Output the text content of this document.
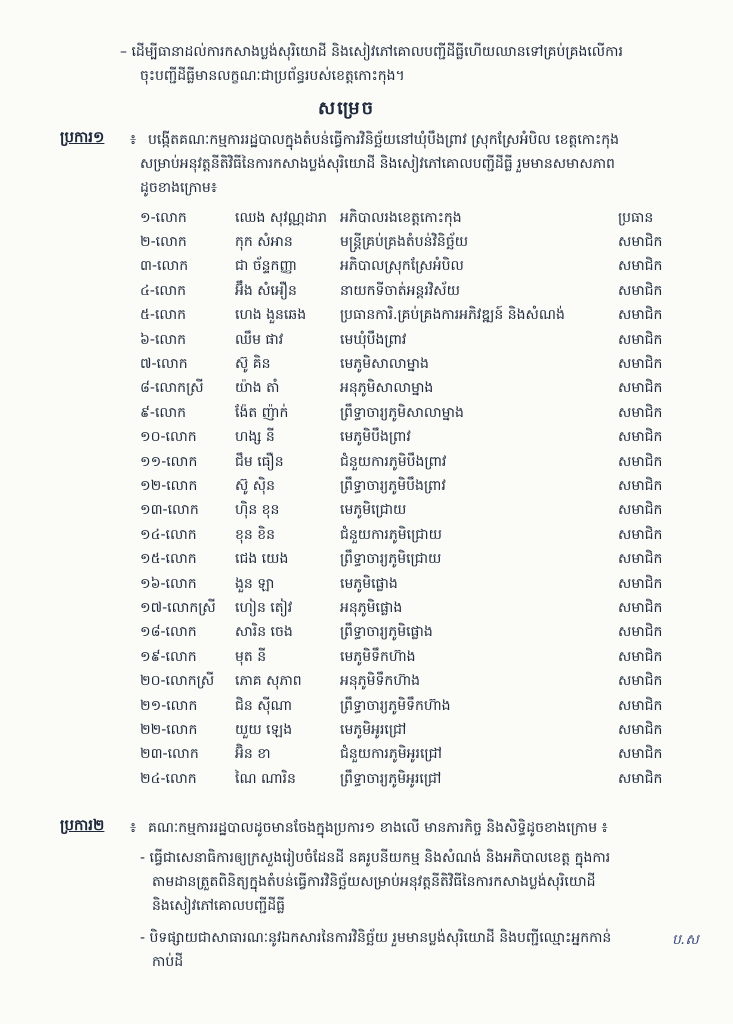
– ដើម្បីធានាដល់ការកសាងប្លង់សុរិយោដី និងសៀវភៅគោលបញ្ជីដីធ្លីហើយឈានទៅគ្រប់គ្រងលើការ
ចុះបញ្ជីដីធ្លីមានលក្ខណៈជាប្រព័ន្ធរបស់ខេត្តកោះកុង។
សម្រេច
ប្រការ១ ៖ បង្កើតគណៈកម្មការរដ្ឋបាលក្នុងតំបន់ធ្វើការវិនិច្ឆ័យនៅឃុំបឹងព្រាវ ស្រុកស្រែអំបិល ខេត្តកោះកុង
សម្រាប់អនុវត្តនីតិវិធីនៃការកសាងប្លង់សុរិយោដី និងសៀវភៅគោលបញ្ជីដីធ្លី រួមមានសមាសភាព
ដូចខាងក្រោម៖
១-លោក	ឈេង សុវណ្ណដារា	អភិបាលរងខេត្តកោះកុង	ប្រធាន
២-លោក	កុក សំអាន	មន្ត្រីគ្រប់គ្រងតំបន់វិនិច្ឆ័យ	សមាជិក
៣-លោក	ជា ច័ន្ទកញ្ញា	អភិបាលស្រុកស្រែអំបិល	សមាជិក
៤-លោក	អ៊ឹង សំអឿន	នាយកទីចាត់អន្តរវិស័យ	សមាជិក
៥-លោក	ហេង ងួនឆេង	ប្រធានការិ.គ្រប់គ្រងការអភិវឌ្ឍន៍ និងសំណង់	សមាជិក
៦-លោក	ឈឹម ផាវ	មេឃុំបឹងព្រាវ	សមាជិក
៧-លោក	ស៊ូ គិន	មេភូមិសាលាម្នាង	សមាជិក
៨-លោកស្រី	យ៉ាង តាំ	អនុភូមិសាលាម្នាង	សមាជិក
៩-លោក	ង៉ែត ញ៉ាក់	ព្រឹទ្ធាចារ្យភូមិសាលាម្នាង	សមាជិក
១០-លោក	ហង្ស នី	មេភូមិបឹងព្រាវ	សមាជិក
១១-លោក	ជឹម ធឿន	ជំនួយការភូមិបឹងព្រាវ	សមាជិក
១២-លោក	ស៊ូ ស៊ិន	ព្រឹទ្ធាចារ្យភូមិបឹងព្រាវ	សមាជិក
១៣-លោក	ហ៊ិន ខុន	មេភូមិជ្រោយ	សមាជិក
១៤-លោក	ខុន ខិន	ជំនួយការភូមិជ្រោយ	សមាជិក
១៥-លោក	ជេង យេង	ព្រឹទ្ធាចារ្យភូមិជ្រោយ	សមាជិក
១៦-លោក	ងួន ឡា	មេភូមិផ្លោង	សមាជិក
១៧-លោកស្រី	ហៀន តៀវ	អនុភូមិផ្លោង	សមាជិក
១៨-លោក	សារិន ចេង	ព្រឹទ្ធាចារ្យភូមិផ្លោង	សមាជិក
១៩-លោក	មុត នី	មេភូមិទឹកហ៊ាង	សមាជិក
២០-លោកស្រី	ភោគ សុភាព	អនុភូមិទឹកហ៊ាង	សមាជិក
២១-លោក	ជិន ស៊ីណា	ព្រឹទ្ធាចារ្យភូមិទឹកហ៊ាង	សមាជិក
២២-លោក	យួយ ឡេង	មេភូមិអូរជ្រៅ	សមាជិក
២៣-លោក	អ៊ិន ខា	ជំនួយការភូមិអូរជ្រៅ	សមាជិក
២៤-លោក	ណៃ ណារិន	ព្រឹទ្ធាចារ្យភូមិអូរជ្រៅ	សមាជិក
ប្រការ២ ៖ គណៈកម្មការរដ្ឋបាលដូចមានចែងក្នុងប្រការ១ ខាងលើ មានភារកិច្ច និងសិទ្ធិដូចខាងក្រោម ៖
- ធ្វើជាសេនាធិការឲ្យក្រសួងរៀបចំដែនដី នគរូបនីយកម្ម និងសំណង់ និងអភិបាលខេត្ត ក្នុងការ
តាមដានត្រួតពិនិត្យក្នុងតំបន់ធ្វើការវិនិច្ឆ័យសម្រាប់អនុវត្តនីតិវិធីនៃការកសាងប្លង់សុរិយោដី
និងសៀវភៅគោលបញ្ជីដីធ្លី
- បិទផ្សាយជាសាធារណៈនូវឯកសារនៃការវិនិច្ឆ័យ រួមមានប្លង់សុរិយោដី និងបញ្ជីឈ្មោះអ្នកកាន់
កាប់ដី
ប.ស
